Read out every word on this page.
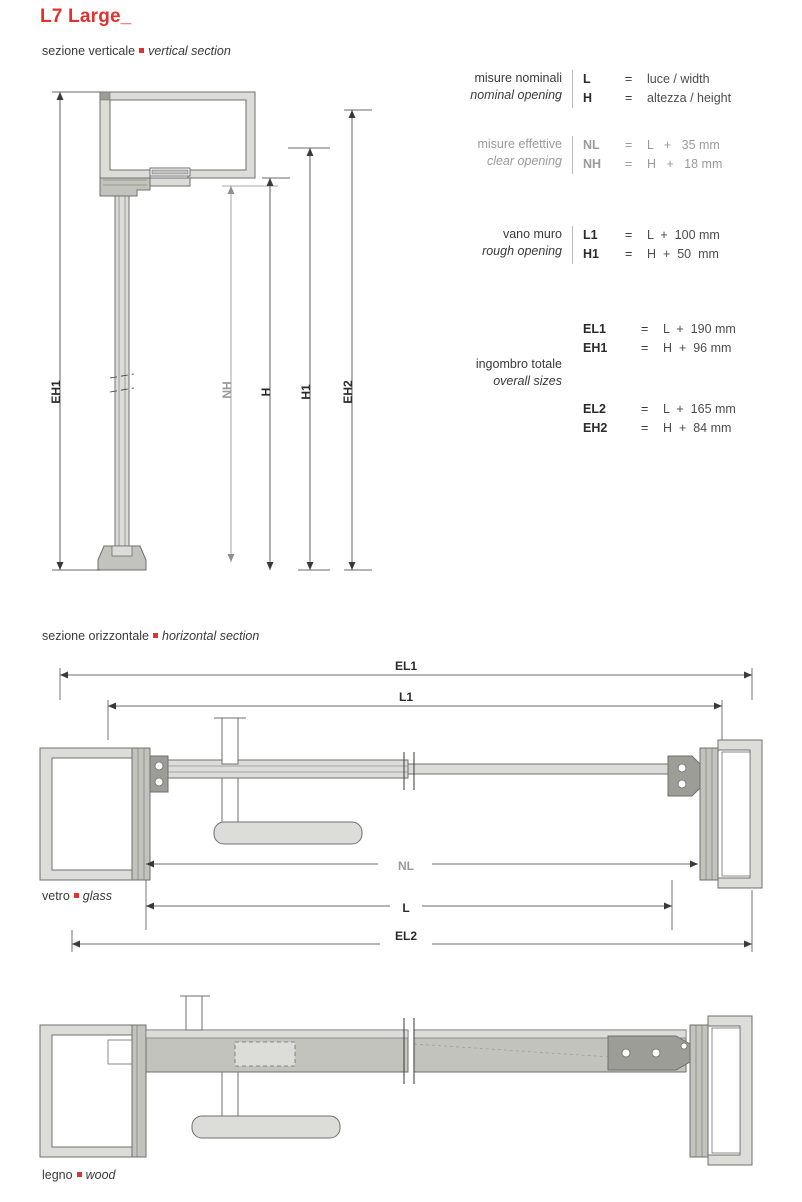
L7 Large_
sezione verticale vertical section
sezione orizzontale horizontal section
misure nominali
nominal opening
L	=	luce / width
H	=	altezza / height
misure effettive
clear opening
NL	=	L   +   35 mm
NH	=	H   +   18 mm
vano muro
rough opening
L1	=	L  +  100 mm
H1	=	H  +  50  mm
ingombro totale
overall sizes
EL1	=	L  +  190 mm
EH1	=	H  +  96 mm
EL2	=	L  +  165 mm
EH2	=	H  +  84 mm
EH1	NH H H1 EH2
EL1
L1
NL
L
EL2
vetro glass
legno wood
